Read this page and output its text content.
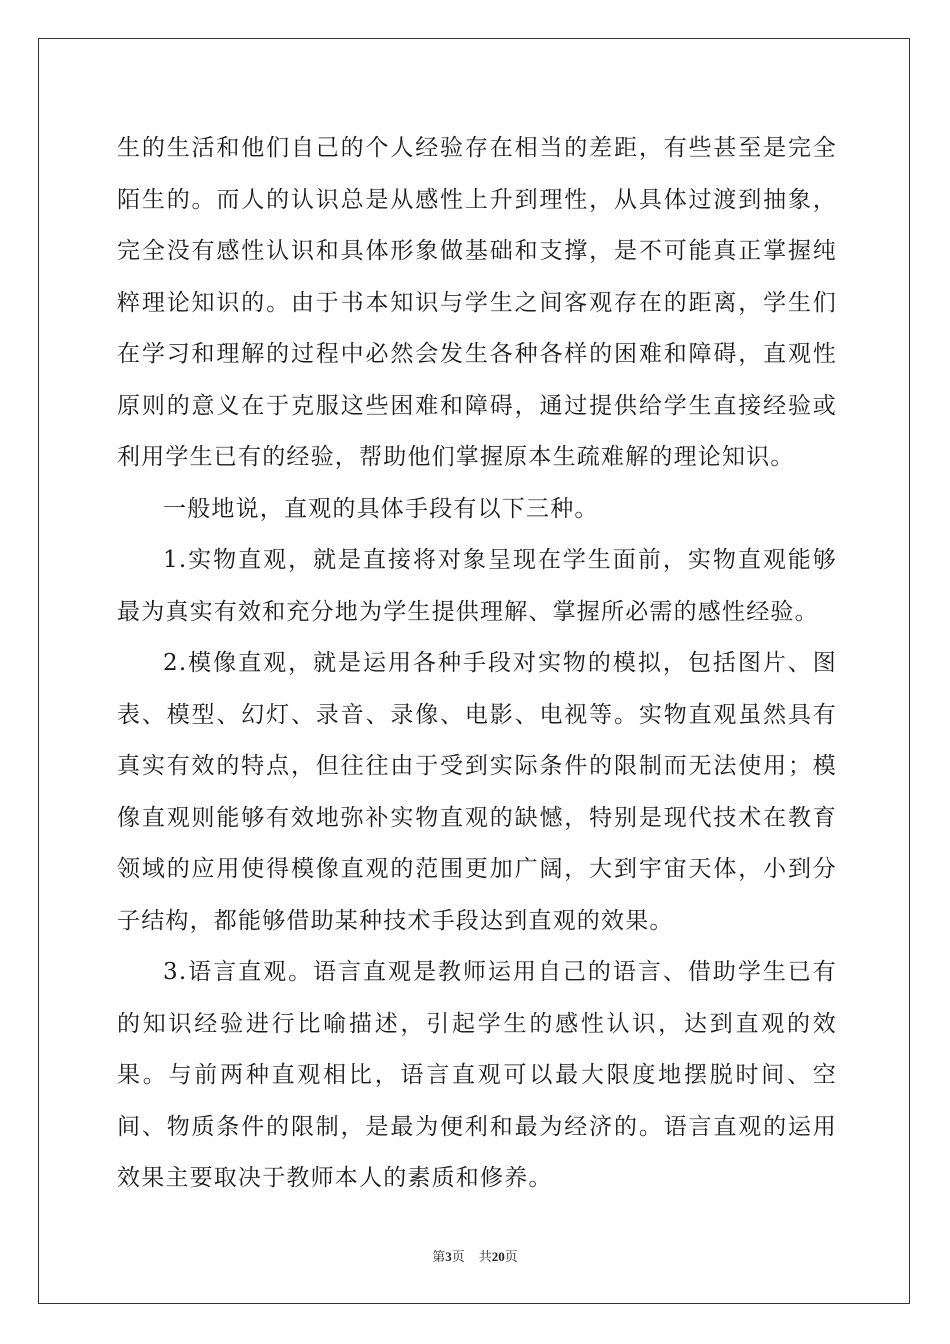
生的生活和他们自己的个人经验存在相当的差距，有些甚至是完全陌生的。而人的认识总是从感性上升到理性，从具体过渡到抽象，完全没有感性认识和具体形象做基础和支撑，是不可能真正掌握纯粹理论知识的。由于书本知识与学生之间客观存在的距离，学生们在学习和理解的过程中必然会发生各种各样的困难和障碍，直观性原则的意义在于克服这些困难和障碍，通过提供给学生直接经验或利用学生已有的经验，帮助他们掌握原本生疏难解的理论知识。

一般地说，直观的具体手段有以下三种。

1.实物直观，就是直接将对象呈现在学生面前，实物直观能够最为真实有效和充分地为学生提供理解、掌握所必需的感性经验。

2.模像直观，就是运用各种手段对实物的模拟，包括图片、图表、模型、幻灯、录音、录像、电影、电视等。实物直观虽然具有真实有效的特点，但往往由于受到实际条件的限制而无法使用；模像直观则能够有效地弥补实物直观的缺憾，特别是现代技术在教育领域的应用使得模像直观的范围更加广阔，大到宇宙天体，小到分子结构，都能够借助某种技术手段达到直观的效果。

3.语言直观。语言直观是教师运用自己的语言、借助学生已有的知识经验进行比喻描述，引起学生的感性认识，达到直观的效果。与前两种直观相比，语言直观可以最大限度地摆脱时间、空间、物质条件的限制，是最为便利和最为经济的。语言直观的运用效果主要取决于教师本人的素质和修养。

第3页 共20页
